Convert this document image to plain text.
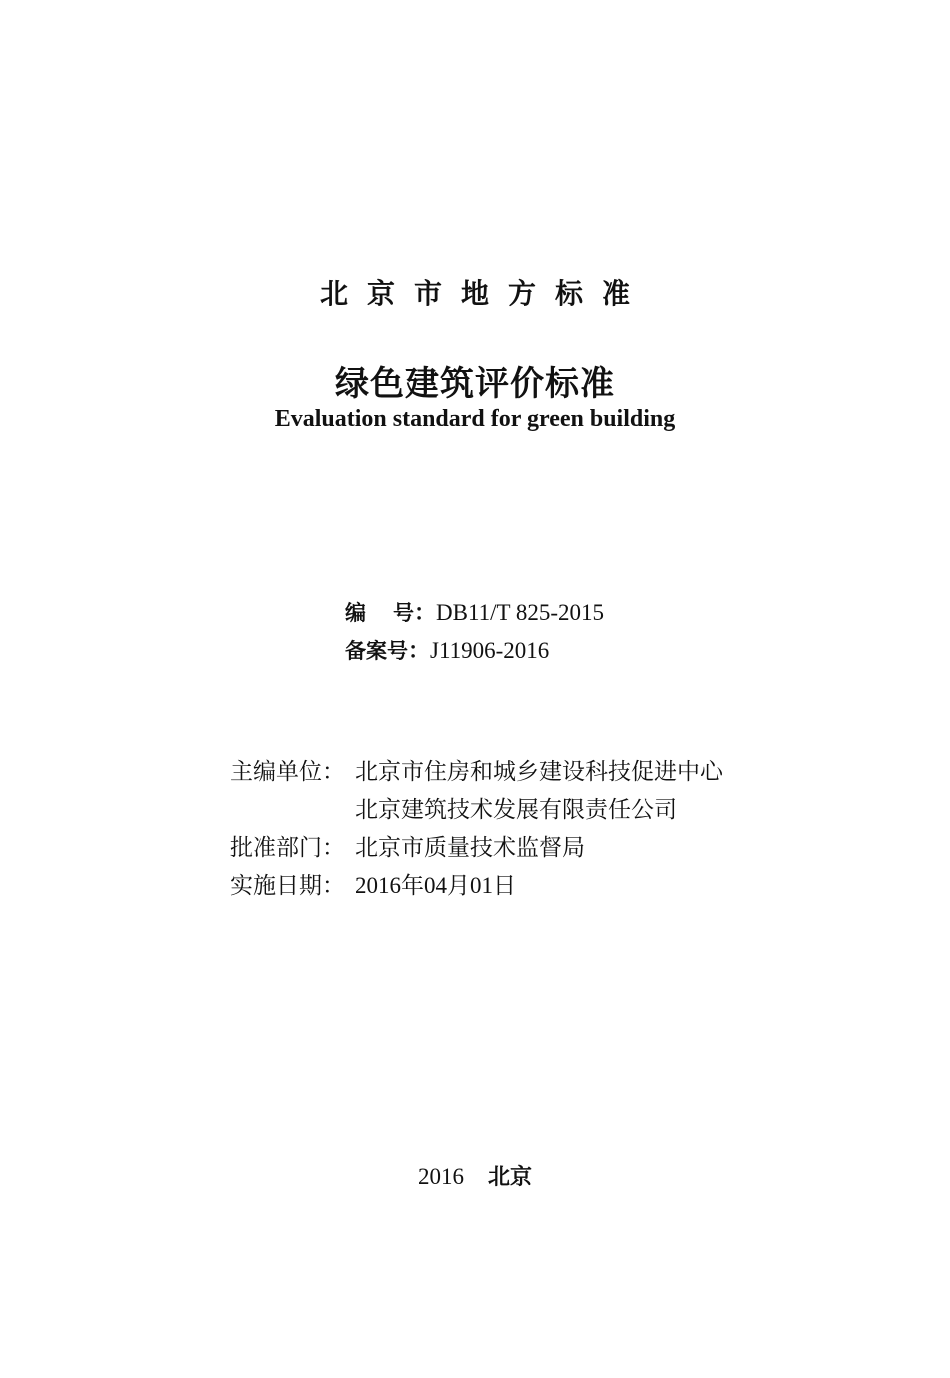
北京市地方标准
绿色建筑评价标准
Evaluation standard for green building
编号：DB11/T 825-2015
备案号：J11906-2016
主编单位： 北京市住房和城乡建设科技促进中心
北京建筑技术发展有限责任公司
批准部门： 北京市质量技术监督局
实施日期： 2016年04月01日
2016 北京
